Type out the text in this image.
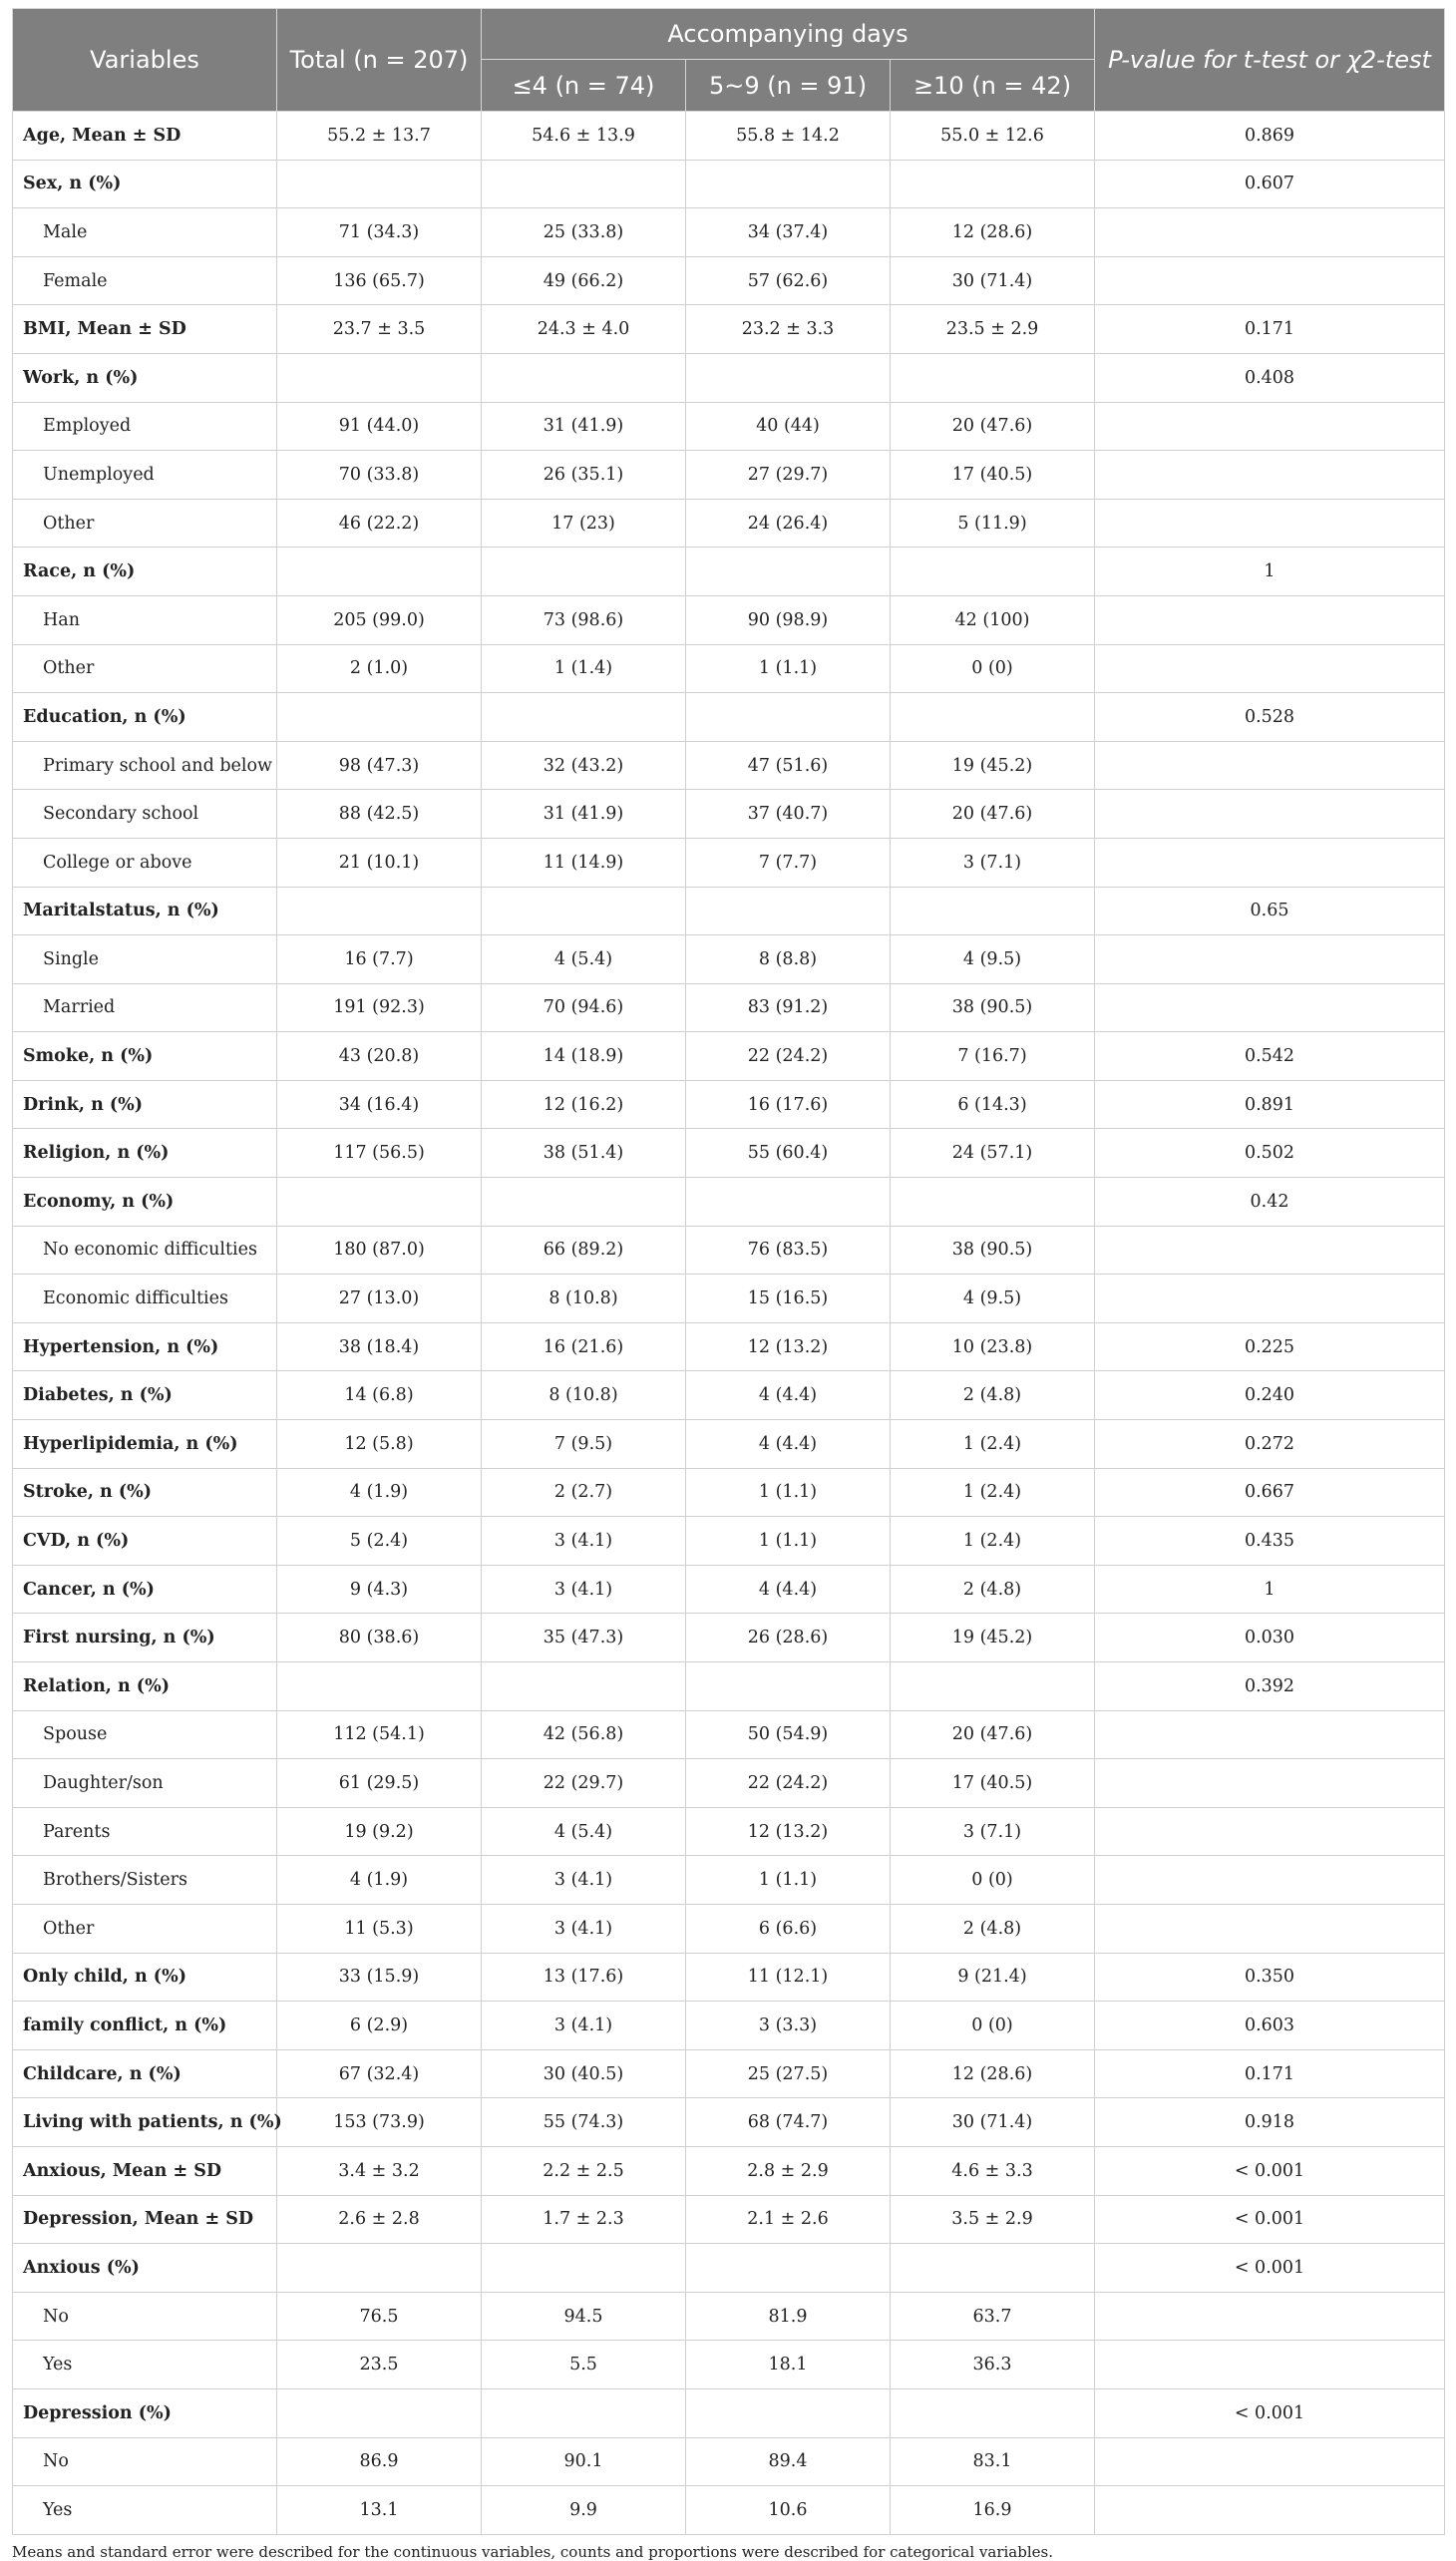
Variables	Total (n = 207)	Accompanying days			P-value for t-test or χ2-test
		≤4 (n = 74)	5~9 (n = 91)	≥10 (n = 42)	
Age, Mean ± SD	55.2 ± 13.7	54.6 ± 13.9	55.8 ± 14.2	55.0 ± 12.6	0.869
Sex, n (%)					0.607
Male	71 (34.3)	25 (33.8)	34 (37.4)	12 (28.6)	
Female	136 (65.7)	49 (66.2)	57 (62.6)	30 (71.4)	
BMI, Mean ± SD	23.7 ± 3.5	24.3 ± 4.0	23.2 ± 3.3	23.5 ± 2.9	0.171
Work, n (%)					0.408
Employed	91 (44.0)	31 (41.9)	40 (44)	20 (47.6)	
Unemployed	70 (33.8)	26 (35.1)	27 (29.7)	17 (40.5)	
Other	46 (22.2)	17 (23)	24 (26.4)	5 (11.9)	
Race, n (%)					1
Han	205 (99.0)	73 (98.6)	90 (98.9)	42 (100)	
Other	2 (1.0)	1 (1.4)	1 (1.1)	0 (0)	
Education, n (%)					0.528
Primary school and below	98 (47.3)	32 (43.2)	47 (51.6)	19 (45.2)	
Secondary school	88 (42.5)	31 (41.9)	37 (40.7)	20 (47.6)	
College or above	21 (10.1)	11 (14.9)	7 (7.7)	3 (7.1)	
Maritalstatus, n (%)					0.65
Single	16 (7.7)	4 (5.4)	8 (8.8)	4 (9.5)	
Married	191 (92.3)	70 (94.6)	83 (91.2)	38 (90.5)	
Smoke, n (%)	43 (20.8)	14 (18.9)	22 (24.2)	7 (16.7)	0.542
Drink, n (%)	34 (16.4)	12 (16.2)	16 (17.6)	6 (14.3)	0.891
Religion, n (%)	117 (56.5)	38 (51.4)	55 (60.4)	24 (57.1)	0.502
Economy, n (%)					0.42
No economic difficulties	180 (87.0)	66 (89.2)	76 (83.5)	38 (90.5)	
Economic difficulties	27 (13.0)	8 (10.8)	15 (16.5)	4 (9.5)	
Hypertension, n (%)	38 (18.4)	16 (21.6)	12 (13.2)	10 (23.8)	0.225
Diabetes, n (%)	14 (6.8)	8 (10.8)	4 (4.4)	2 (4.8)	0.240
Hyperlipidemia, n (%)	12 (5.8)	7 (9.5)	4 (4.4)	1 (2.4)	0.272
Stroke, n (%)	4 (1.9)	2 (2.7)	1 (1.1)	1 (2.4)	0.667
CVD, n (%)	5 (2.4)	3 (4.1)	1 (1.1)	1 (2.4)	0.435
Cancer, n (%)	9 (4.3)	3 (4.1)	4 (4.4)	2 (4.8)	1
First nursing, n (%)	80 (38.6)	35 (47.3)	26 (28.6)	19 (45.2)	0.030
Relation, n (%)					0.392
Spouse	112 (54.1)	42 (56.8)	50 (54.9)	20 (47.6)	
Daughter/son	61 (29.5)	22 (29.7)	22 (24.2)	17 (40.5)	
Parents	19 (9.2)	4 (5.4)	12 (13.2)	3 (7.1)	
Brothers/Sisters	4 (1.9)	3 (4.1)	1 (1.1)	0 (0)	
Other	11 (5.3)	3 (4.1)	6 (6.6)	2 (4.8)	
Only child, n (%)	33 (15.9)	13 (17.6)	11 (12.1)	9 (21.4)	0.350
family conflict, n (%)	6 (2.9)	3 (4.1)	3 (3.3)	0 (0)	0.603
Childcare, n (%)	67 (32.4)	30 (40.5)	25 (27.5)	12 (28.6)	0.171
Living with patients, n (%)	153 (73.9)	55 (74.3)	68 (74.7)	30 (71.4)	0.918
Anxious, Mean ± SD	3.4 ± 3.2	2.2 ± 2.5	2.8 ± 2.9	4.6 ± 3.3	< 0.001
Depression, Mean ± SD	2.6 ± 2.8	1.7 ± 2.3	2.1 ± 2.6	3.5 ± 2.9	< 0.001
Anxious (%)					< 0.001
No	76.5	94.5	81.9	63.7	
Yes	23.5	5.5	18.1	36.3	
Depression (%)					< 0.001
No	86.9	90.1	89.4	83.1	
Yes	13.1	9.9	10.6	16.9	
Means and standard error were described for the continuous variables, counts and proportions were described for categorical variables.
